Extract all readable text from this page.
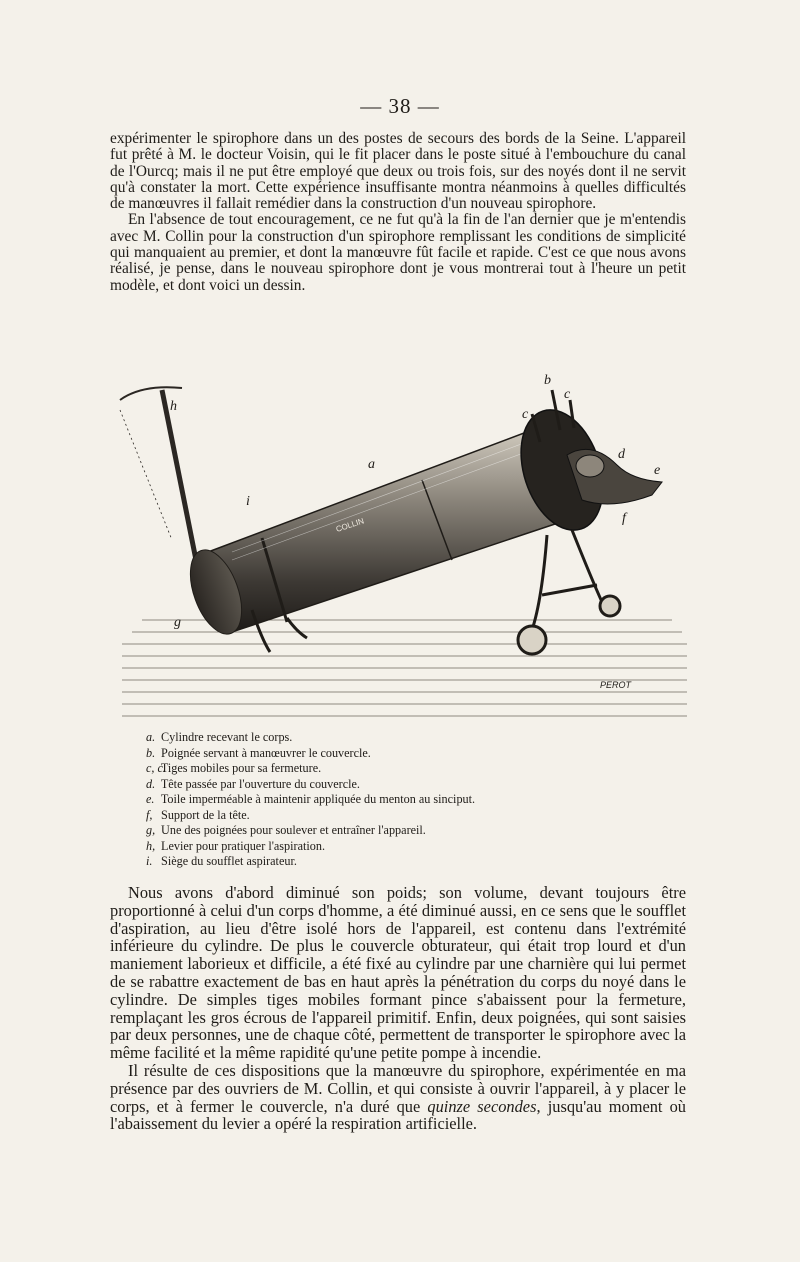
— 38 —

expérimenter le spirophore dans un des postes de secours des bords de la Seine. L'appareil fut prêté à M. le docteur Voisin, qui le fit placer dans le poste situé à l'embouchure du canal de l'Ourcq; mais il ne put être employé que deux ou trois fois, sur des noyés dont il ne servit qu'à constater la mort. Cette expérience insuffisante montra néanmoins à quelles difficultés de manœuvres il fallait remédier dans la construction d'un nouveau spirophore.

En l'absence de tout encouragement, ce ne fut qu'à la fin de l'an dernier que je m'entendis avec M. Collin pour la construction d'un spirophore remplissant les conditions de simplicité qui manquaient au premier, et dont la manœuvre fût facile et rapide. C'est ce que nous avons réalisé, je pense, dans le nouveau spirophore dont je vous montrerai tout à l'heure un petit modèle, et dont voici un dessin.

h
a
b
c
c
d
e
f
g
i
COLLIN
PEROT
a. Cylindre recevant le corps.
b. Poignée servant à manœuvrer le couvercle.
c, c. Tiges mobiles pour sa fermeture.
d. Tête passée par l'ouverture du couvercle.
e. Toile imperméable à maintenir appliquée du menton au sinciput.
f, Support de la tête.
g, Une des poignées pour soulever et entraîner l'appareil.
h, Levier pour pratiquer l'aspiration.
i. Siège du soufflet aspirateur.

Nous avons d'abord diminué son poids; son volume, devant toujours être proportionné à celui d'un corps d'homme, a été diminué aussi, en ce sens que le soufflet d'aspiration, au lieu d'être isolé hors de l'appareil, est contenu dans l'extrémité inférieure du cylindre. De plus le couvercle obturateur, qui était trop lourd et d'un maniement laborieux et difficile, a été fixé au cylindre par une charnière qui lui permet de se rabattre exactement de bas en haut après la pénétration du corps du noyé dans le cylindre. De simples tiges mobiles formant pince s'abaissent pour la fermeture, remplaçant les gros écrous de l'appareil primitif. Enfin, deux poignées, qui sont saisies par deux personnes, une de chaque côté, permettent de transporter le spirophore avec la même facilité et la même rapidité qu'une petite pompe à incendie.

Il résulte de ces dispositions que la manœuvre du spirophore, expérimentée en ma présence par des ouvriers de M. Collin, et qui consiste à ouvrir l'appareil, à y placer le corps, et à fermer le couvercle, n'a duré que quinze secondes, jusqu'au moment où l'abaissement du levier a opéré la respiration artificielle.
